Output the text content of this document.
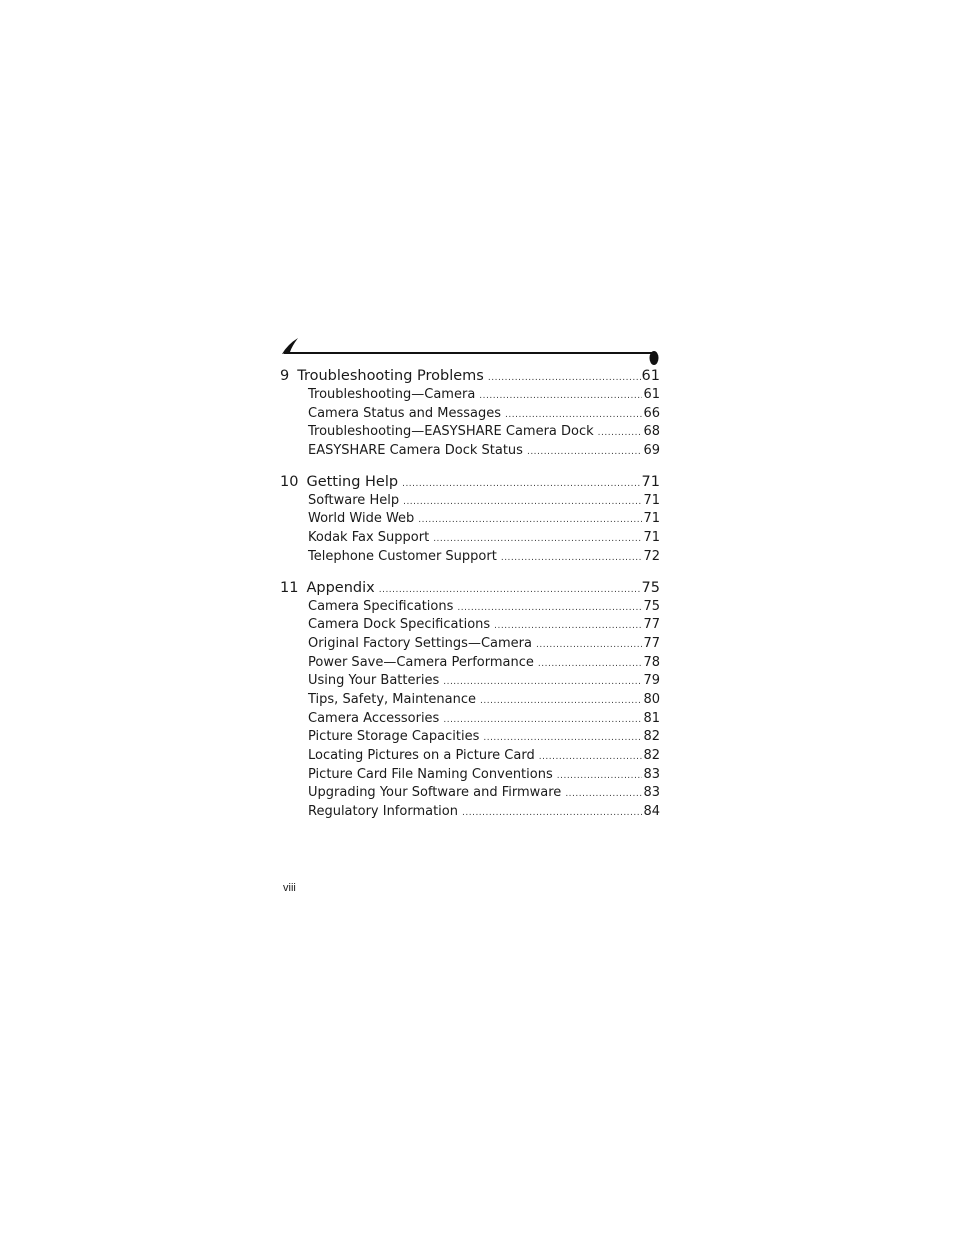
9 Troubleshooting Problems .....	61
Troubleshooting—Camera .....	61
Camera Status and Messages .....	66
Troubleshooting—EASYSHARE Camera Dock .....	68
EASYSHARE Camera Dock Status .....	69
10 Getting Help .....	71
Software Help .....	71
World Wide Web .....	71
Kodak Fax Support .....	71
Telephone Customer Support .....	72
11 Appendix .....	75
Camera Specifications .....	75
Camera Dock Specifications .....	77
Original Factory Settings—Camera .....	77
Power Save—Camera Performance .....	78
Using Your Batteries .....	79
Tips, Safety, Maintenance .....	80
Camera Accessories .....	81
Picture Storage Capacities .....	82
Locating Pictures on a Picture Card .....	82
Picture Card File Naming Conventions .....	83
Upgrading Your Software and Firmware .....	83
Regulatory Information .....	84
viii
